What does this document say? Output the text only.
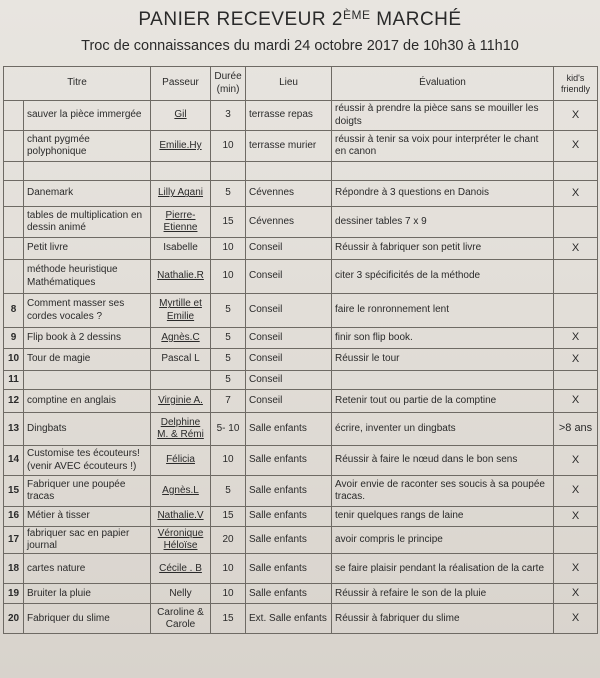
PANIER RECEVEUR 2ÈME MARCHÉ
Troc de connaissances du mardi 24 octobre 2017 de 10h30 à 11h10
Titre		Passeur	Durée (min)	Lieu	Évaluation	kid's friendly
	sauver la pièce immergée	Gil	3	terrasse repas	réussir à prendre la pièce sans se mouiller les doigts	X
	chant pygmée polyphonique	Emilie.Hy	10	terrasse murier	réussir à tenir sa voix pour interpréter le chant en canon	X

	Danemark	Lilly Agani	5	Cévennes	Répondre à 3 questions en Danois	X
	tables de multiplication en dessin animé	Pierre-Etienne	15	Cévennes	dessiner tables 7 x 9	
	Petit livre	Isabelle	10	Conseil	Réussir à fabriquer son petit livre	X
	méthode heuristique Mathématiques	Nathalie.R	10	Conseil	citer 3 spécificités de la méthode	
8	Comment masser ses cordes vocales ?	Myrtille et Emilie	5	Conseil	faire le ronronnement lent	
9	Flip book à 2 dessins	Agnès.C	5	Conseil	finir son flip book.	X
10	Tour de magie	Pascal L	5	Conseil	Réussir le tour	X
11			5	Conseil		
12	comptine en anglais	Virginie A.	7	Conseil	Retenir tout ou partie de la comptine	X
13	Dingbats	Delphine M. & Rémi	5- 10	Salle enfants	écrire, inventer un dingbats	>8 ans
14	Customise tes écouteurs! (venir AVEC écouteurs !)	Félicia	10	Salle enfants	Réussir à faire le nœud dans le bon sens	X
15	Fabriquer une poupée tracas	Agnès.L	5	Salle enfants	Avoir envie de raconter ses soucis à sa poupée tracas.	X
16	Métier à tisser	Nathalie.V	15	Salle enfants	tenir quelques rangs de laine	X
17	fabriquer sac en papier journal	Véronique Héloïse	20	Salle enfants	avoir compris le principe	
18	cartes nature	Cécile . B	10	Salle enfants	se faire plaisir pendant la réalisation de la carte	X
19	Bruiter la pluie	Nelly	10	Salle enfants	Réussir à refaire le son de la pluie	X
20	Fabriquer du slime	Caroline & Carole	15	Ext. Salle enfants	Réussir à fabriquer du slime	X
